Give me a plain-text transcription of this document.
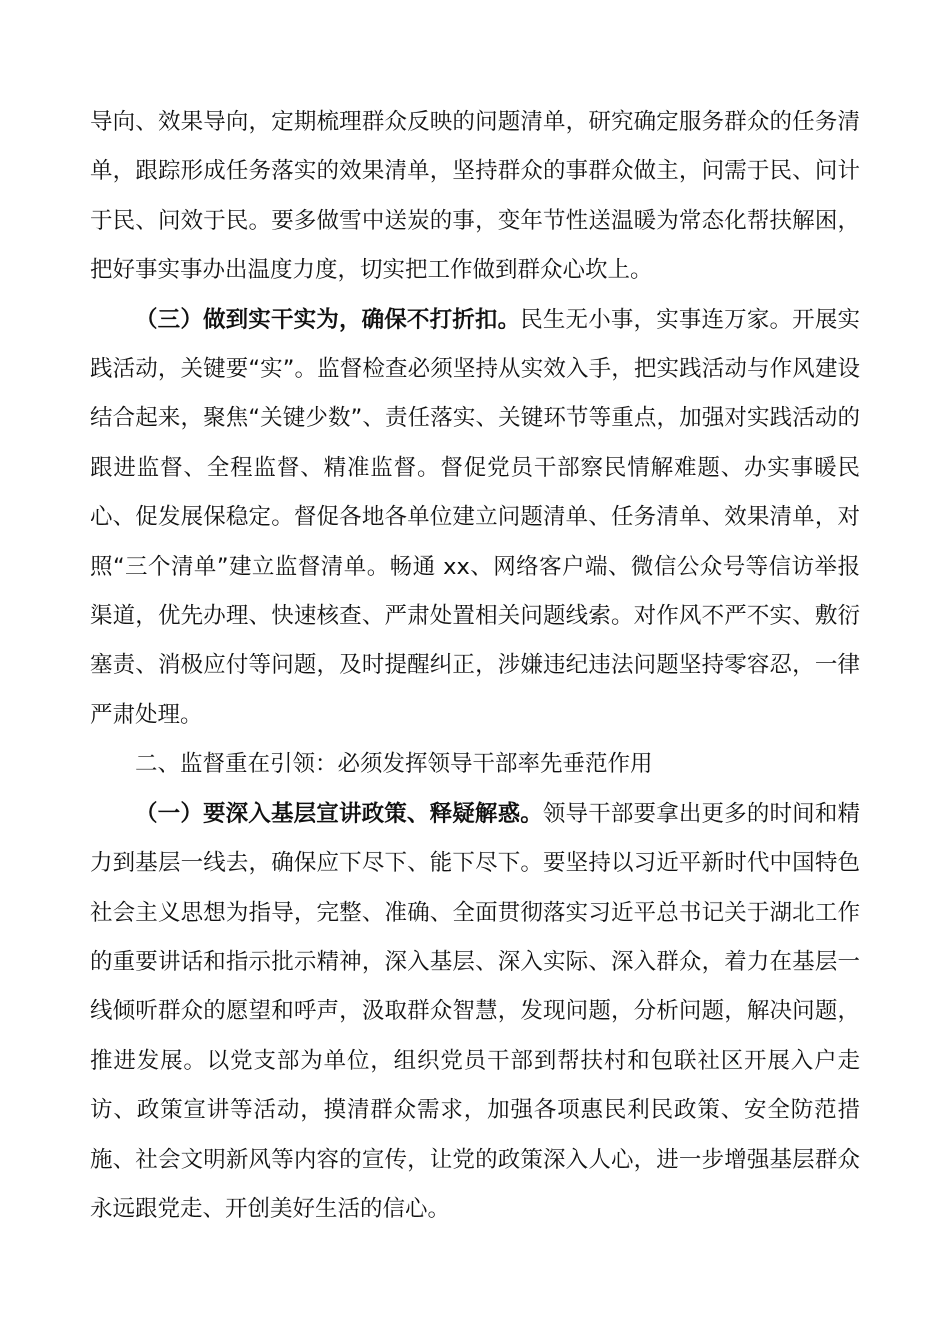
导向、效果导向，定期梳理群众反映的问题清单，研究确定服务群众的任务清单，跟踪形成任务落实的效果清单，坚持群众的事群众做主，问需于民、问计于民、问效于民。要多做雪中送炭的事，变年节性送温暖为常态化帮扶解困，把好事实事办出温度力度，切实把工作做到群众心坎上。

（三）做到实干实为，确保不打折扣。民生无小事，实事连万家。开展实践活动，关键要“实”。监督检查必须坚持从实效入手，把实践活动与作风建设结合起来，聚焦“关键少数”、责任落实、关键环节等重点，加强对实践活动的跟进监督、全程监督、精准监督。督促党员干部察民情解难题、办实事暖民心、促发展保稳定。督促各地各单位建立问题清单、任务清单、效果清单，对照“三个清单”建立监督清单。畅通 xx、网络客户端、微信公众号等信访举报渠道，优先办理、快速核查、严肃处置相关问题线索。对作风不严不实、敷衍塞责、消极应付等问题，及时提醒纠正，涉嫌违纪违法问题坚持零容忍，一律严肃处理。

二、监督重在引领：必须发挥领导干部率先垂范作用

（一）要深入基层宣讲政策、释疑解惑。领导干部要拿出更多的时间和精力到基层一线去，确保应下尽下、能下尽下。要坚持以习近平新时代中国特色社会主义思想为指导，完整、准确、全面贯彻落实习近平总书记关于湖北工作的重要讲话和指示批示精神，深入基层、深入实际、深入群众，着力在基层一线倾听群众的愿望和呼声，汲取群众智慧，发现问题，分析问题，解决问题，推进发展。以党支部为单位，组织党员干部到帮扶村和包联社区开展入户走访、政策宣讲等活动，摸清群众需求，加强各项惠民利民政策、安全防范措施、社会文明新风等内容的宣传，让党的政策深入人心，进一步增强基层群众永远跟党走、开创美好生活的信心。
